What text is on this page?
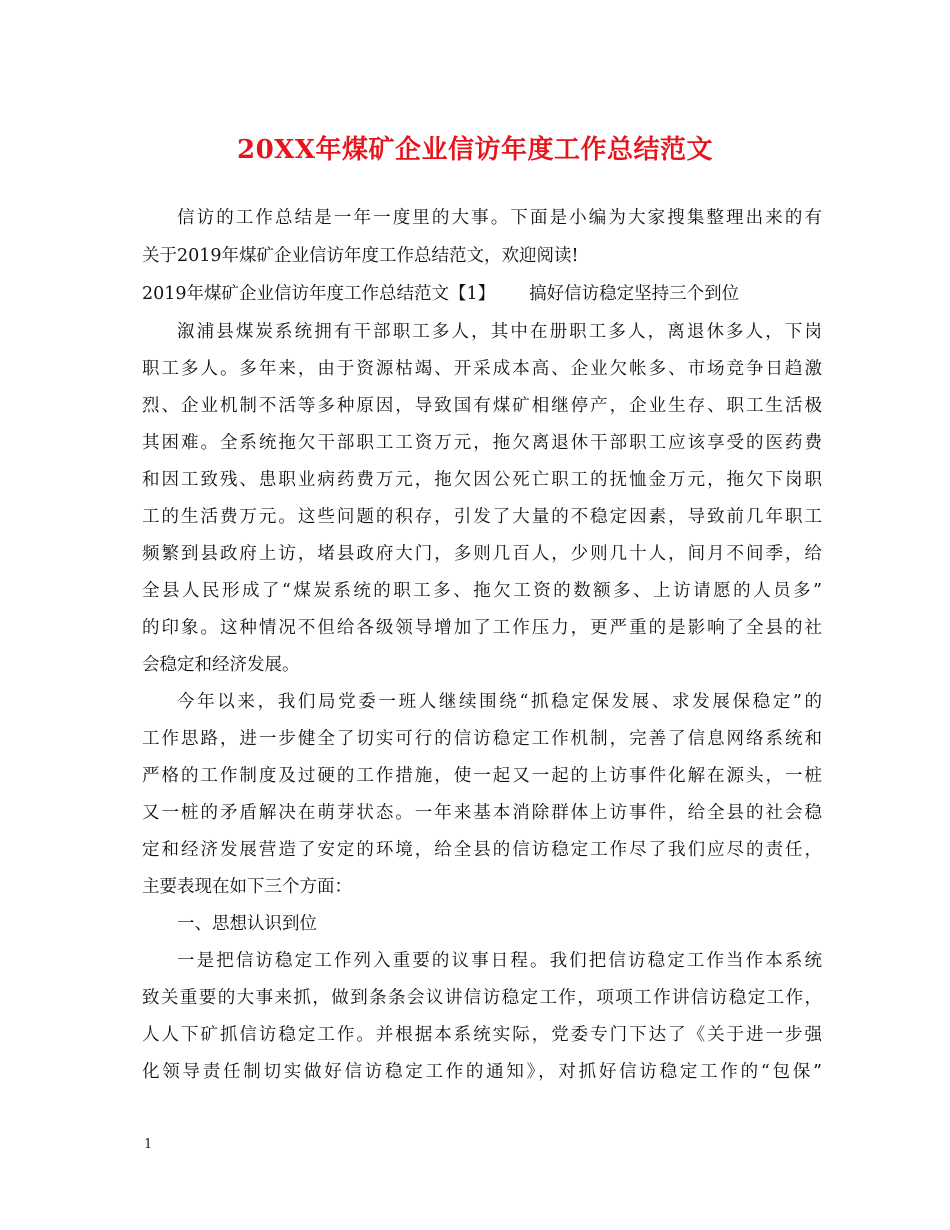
20XX年煤矿企业信访年度工作总结范文
信访的工作总结是一年一度里的大事。下面是小编为大家搜集整理出来的有
关于2019年煤矿企业信访年度工作总结范文，欢迎阅读!
2019年煤矿企业信访年度工作总结范文【1】 搞好信访稳定坚持三个到位
溆浦县煤炭系统拥有干部职工多人，其中在册职工多人，离退休多人，下岗
职工多人。多年来，由于资源枯竭、开采成本高、企业欠帐多、市场竞争日趋激
烈、企业机制不活等多种原因，导致国有煤矿相继停产，企业生存、职工生活极
其困难。全系统拖欠干部职工工资万元，拖欠离退休干部职工应该享受的医药费
和因工致残、患职业病药费万元，拖欠因公死亡职工的抚恤金万元，拖欠下岗职
工的生活费万元。这些问题的积存，引发了大量的不稳定因素，导致前几年职工
频繁到县政府上访，堵县政府大门，多则几百人，少则几十人，间月不间季，给
全县人民形成了“煤炭系统的职工多、拖欠工资的数额多、上访请愿的人员多”
的印象。这种情况不但给各级领导增加了工作压力，更严重的是影响了全县的社
会稳定和经济发展。
今年以来，我们局党委一班人继续围绕“抓稳定保发展、求发展保稳定”的
工作思路，进一步健全了切实可行的信访稳定工作机制，完善了信息网络系统和
严格的工作制度及过硬的工作措施，使一起又一起的上访事件化解在源头，一桩
又一桩的矛盾解决在萌芽状态。一年来基本消除群体上访事件，给全县的社会稳
定和经济发展营造了安定的环境，给全县的信访稳定工作尽了我们应尽的责任，
主要表现在如下三个方面：
一、思想认识到位
一是把信访稳定工作列入重要的议事日程。我们把信访稳定工作当作本系统
致关重要的大事来抓，做到条条会议讲信访稳定工作，项项工作讲信访稳定工作，
人人下矿抓信访稳定工作。并根据本系统实际，党委专门下达了《关于进一步强
化领导责任制切实做好信访稳定工作的通知》，对抓好信访稳定工作的“包保”
1
